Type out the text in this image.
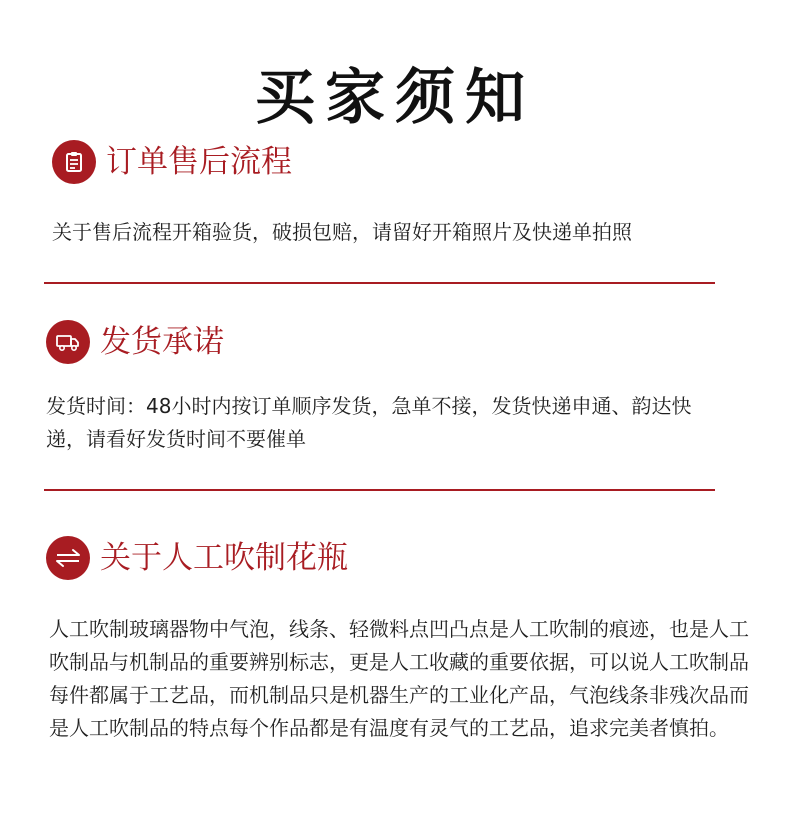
买家须知
订单售后流程

关于售后流程开箱验货，破损包赔，请留好开箱照片及快递单拍照

发货承诺

发货时间：48小时内按订单顺序发货，急单不接，发货快递申通、韵达快递，请看好发货时间不要催单

关于人工吹制花瓶

人工吹制玻璃器物中气泡，线条、轻微料点凹凸点是人工吹制的痕迹，也是人工吹制品与机制品的重要辨别标志，更是人工收藏的重要依据，可以说人工吹制品每件都属于工艺品，而机制品只是机器生产的工业化产品，气泡线条非残次品而是人工吹制品的特点每个作品都是有温度有灵气的工艺品，追求完美者慎拍。
